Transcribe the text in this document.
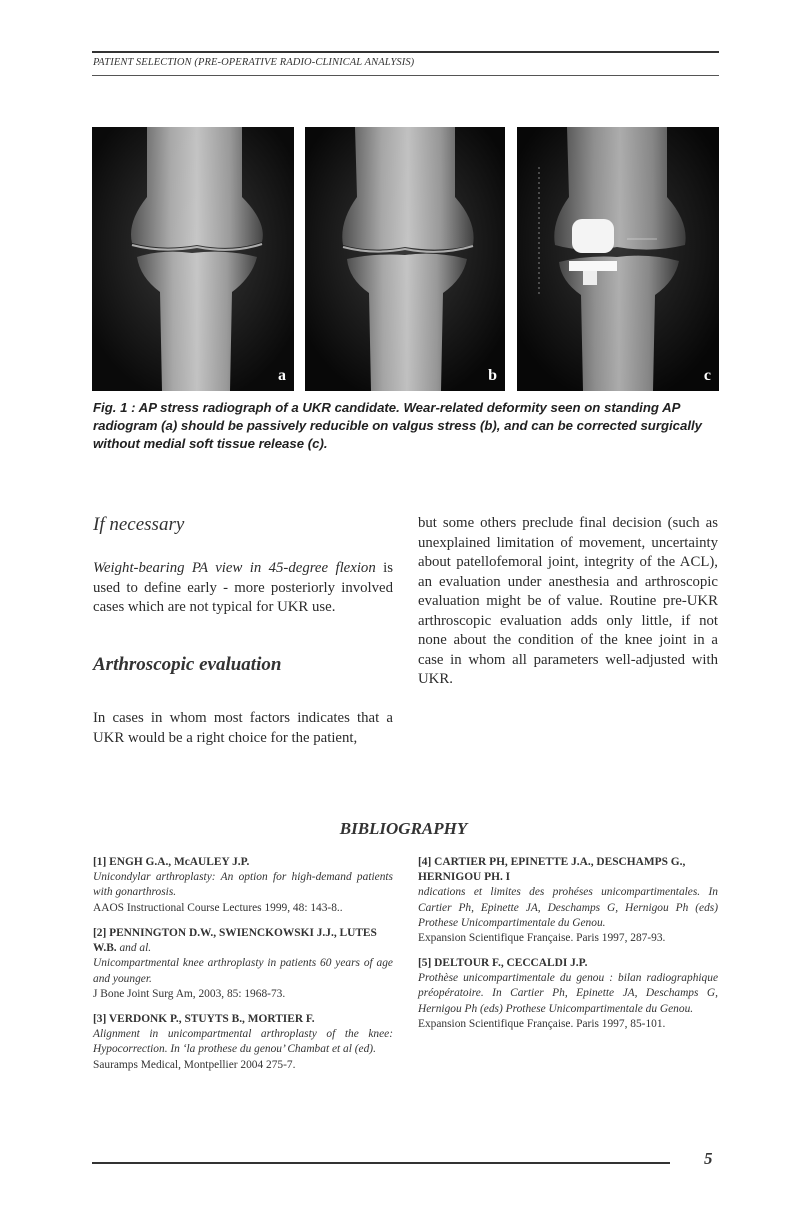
PATIENT SELECTION (PRE-OPERATIVE RADIO-CLINICAL ANALYSIS)
a	b	c
Fig. 1 : AP stress radiograph of a UKR candidate. Wear-related deformity seen on standing AP radiogram (a) should be passively reducible on valgus stress (b), and can be corrected surgically without medial soft tissue release (c).
If necessary
Weight-bearing PA view in 45-degree flexion is used to define early - more posteriorly involved cases which are not typical for UKR use.
Arthroscopic evaluation
In cases in whom most factors indicates that a UKR would be a right choice for the patient,
but some others preclude final decision (such as unexplained limitation of movement, uncertainty about patellofemoral joint, integrity of the ACL), an evaluation under anesthesia and arthroscopic evaluation might be of value. Routine pre-UKR arthroscopic evaluation adds only little, if not none about the condition of the knee joint in a case in whom all parameters well-adjusted with UKR.
BIBLIOGRAPHY
[1] ENGH G.A., McAULEY J.P.
Unicondylar arthroplasty: An option for high-demand patients with gonarthrosis.
AAOS Instructional Course Lectures 1999, 48: 143-8..
[2] PENNINGTON D.W., SWIENCKOWSKI J.J., LUTES W.B. and al.
Unicompartmental knee arthroplasty in patients 60 years of age and younger.
J Bone Joint Surg Am, 2003, 85: 1968-73.
[3] VERDONK P., STUYTS B., MORTIER F.
Alignment in unicompartmental arthroplasty of the knee: Hypocorrection. In ‘la prothese du genou’ Chambat et al (ed).
Sauramps Medical, Montpellier 2004 275-7.
[4] CARTIER PH, EPINETTE J.A., DESCHAMPS G., HERNIGOU PH. I
ndications et limites des prohéses unicompartimentales. In Cartier Ph, Epinette JA, Deschamps G, Hernigou Ph (eds) Prothese Unicompartimentale du Genou.
Expansion Scientifique Française. Paris 1997, 287-93.
[5] DELTOUR F., CECCALDI J.P.
Prothèse unicompartimentale du genou : bilan radiographique préopératoire. In Cartier Ph, Epinette JA, Deschamps G, Hernigou Ph (eds) Prothese Unicompartimentale du Genou.
Expansion Scientifique Française. Paris 1997, 85-101.
5
